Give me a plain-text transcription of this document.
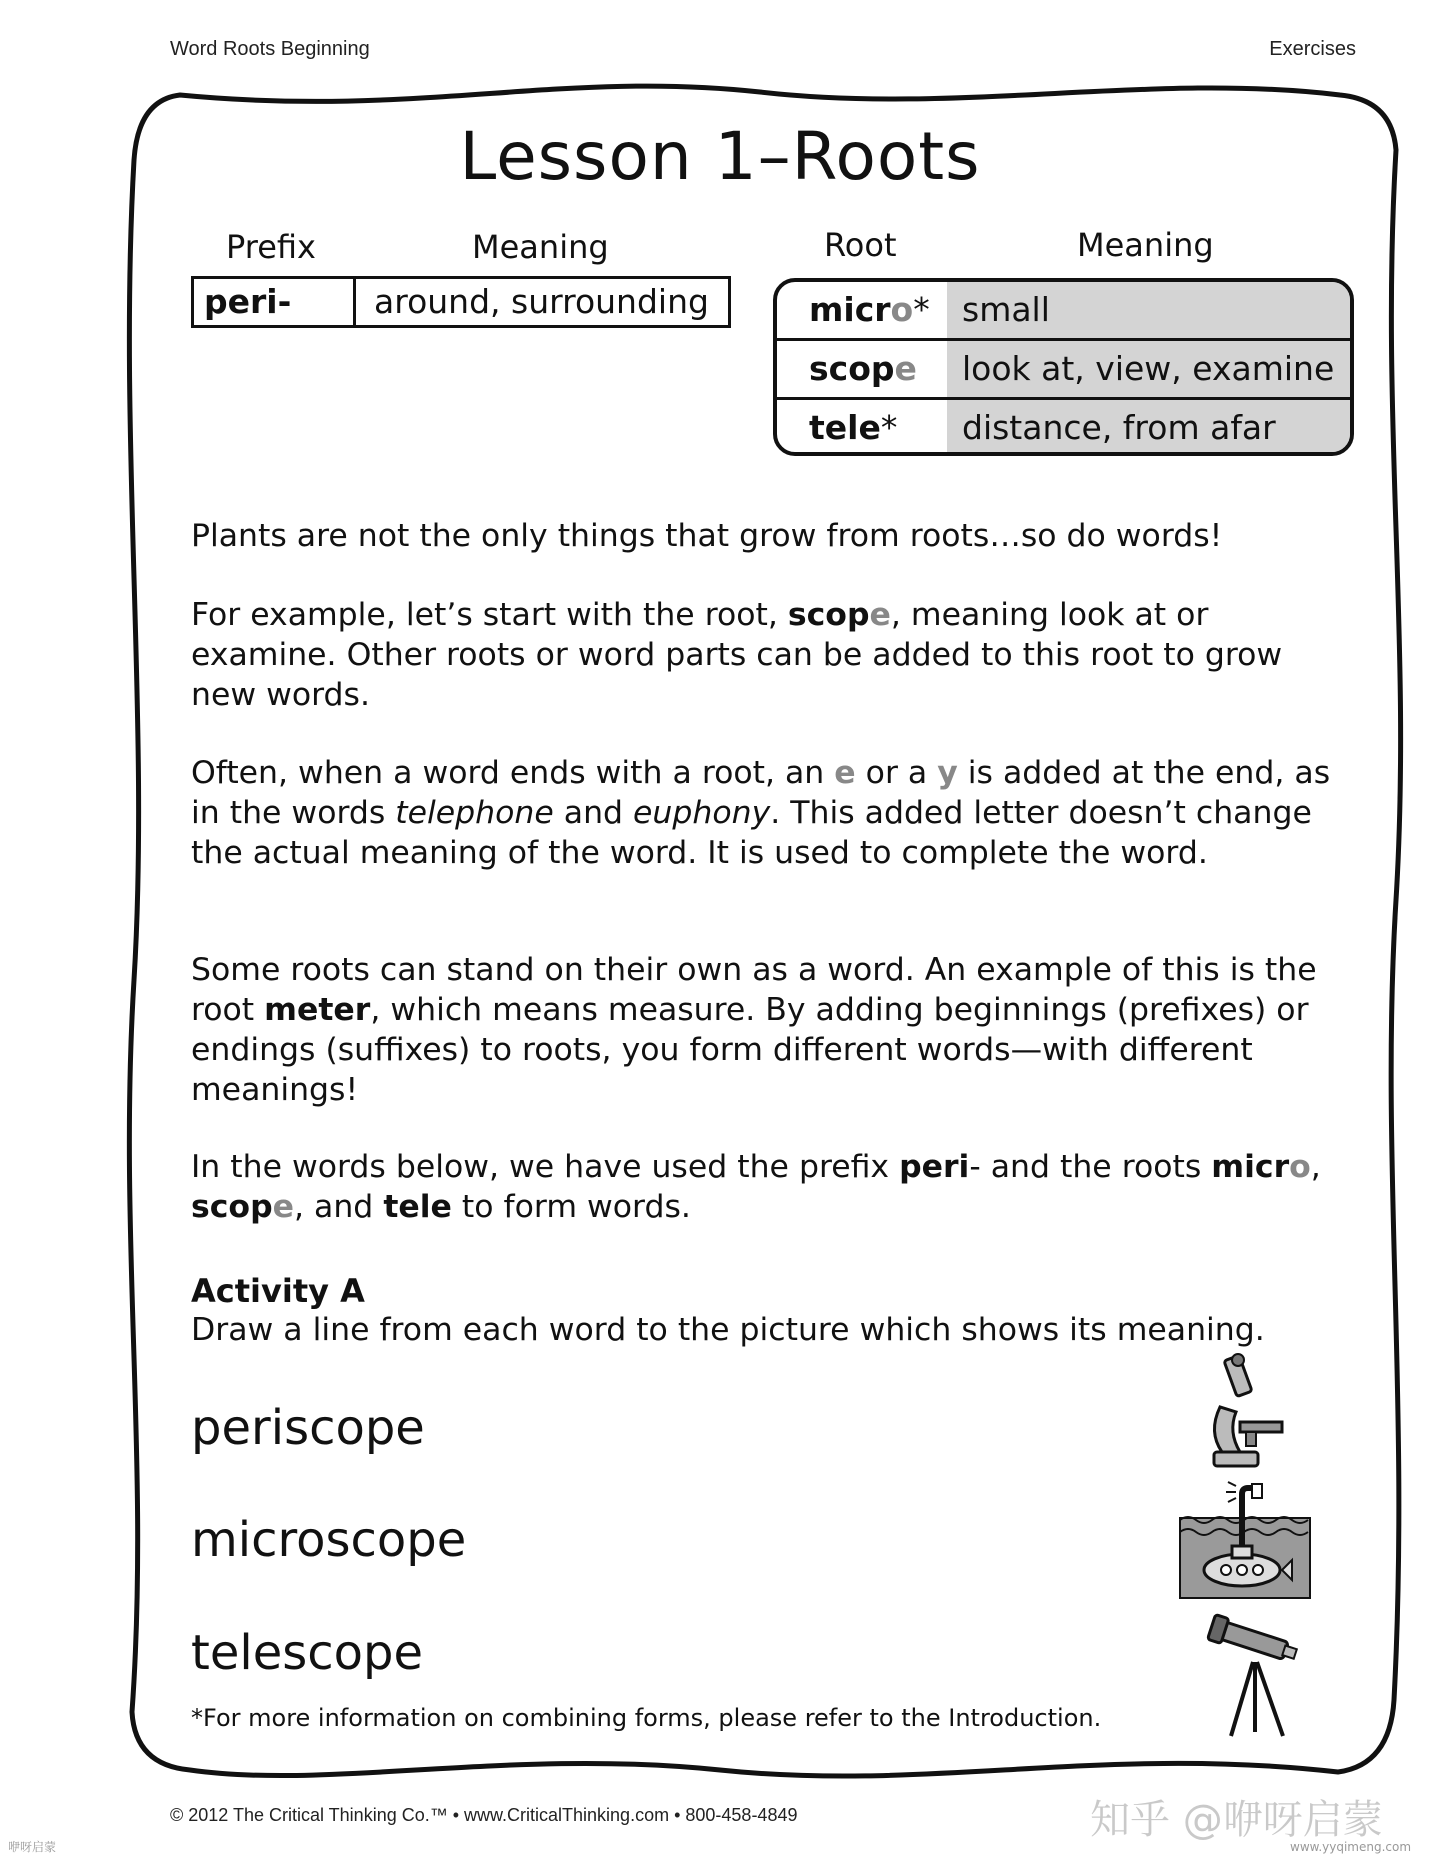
Word Roots Beginning	Exercises
Lesson 1–Roots
Prefix	Meaning
peri-	around, surrounding
Root	Meaning
micro* small
scope	look at, view, examine
tele*	distance, from afar

Plants are not the only things that grow from roots…so do words!

For example, let’s start with the root, scope, meaning look at or examine. Other roots or word parts can be added to this root to grow new words.

Often, when a word ends with a root, an e or a y is added at the end, as in the words telephone and euphony. This added letter doesn’t change the actual meaning of the word. It is used to complete the word.

Some roots can stand on their own as a word. An example of this is the root meter, which means measure. By adding beginnings (prefixes) or endings (suffixes) to roots, you form different words—with different meanings!

In the words below, we have used the prefix peri- and the roots micro, scope, and tele to form words.

Activity A
Draw a line from each word to the picture which shows its meaning.
periscope
microscope
telescope
*For more information on combining forms, please refer to the Introduction.
© 2012 The Critical Thinking Co.™ • www.CriticalThinking.com • 800-458-4849	知乎 @咿呀启蒙
咿呀启蒙	www.yyqimeng.com
